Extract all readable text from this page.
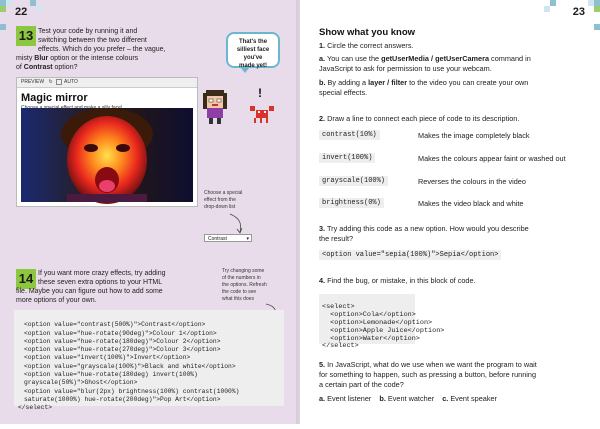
22
13 Test your code by running it and
switching between the two different
effects. Which do you prefer – the vague,
misty Blur option or the intense colours
of Contrast option?
That's the
silliest face you've
made yet!
!
PREVIEW ↻ AUTO
Magic mirror
Choose a special
effect from the
drop-down list
Contrast	▾
14 If you want more crazy effects, try adding
these seven extra options to your HTML
file. Maybe you can figure out how to add some
more options of your own.
Try changing some
of the numbers in
the options. Refresh
the code to see
what this does

<option value="contrast(500%)">Contrast</option>
<option value="hue-rotate(90deg)">Colour 1</option>
<option value="hue-rotate(180deg)">Colour 2</option>
<option value="hue-rotate(270deg)">Colour 3</option>
<option value="invert(100%)">Invert</option>
<option value="grayscale(100%)">Black and white</option>
<option value="hue-rotate(180deg) invert(100%)
grayscale(50%)">Ghost</option>
<option value="blur(2px) brightness(100%) contrast(1000%)
saturate(1000%) hue-rotate(200deg)">Pop Art</option>
</select>

23
Show what you know
1. Circle the correct answers.
a. You can use the getUserMedia / getUserCamera command in
JavaScript to ask for permission to use your webcam.
b. By adding a layer / filter to the video you can create your own
special effects.
2. Draw a line to connect each piece of code to its description.
contrast(10%)
invert(100%)
grayscale(100%)
brightness(0%)
Makes the image completely black
Makes the colours appear faint or washed out
Reverses the colours in the video
Makes the video black and white
3. Try adding this code as a new option. How would you describe
the result?
<option value="sepia(100%)">Sepia</option>
4. Find the bug, or mistake, in this block of code.

<select>
<option>Cola</option>
<option>Lemonade</option>
<option>Apple Juice</option>
<option>Water</option>
</select>

5. In JavaScript, what do we use when we want the program to wait
for something to happen, such as pressing a button, before running
a certain part of the code?
a. Event listener b. Event watcher c. Event speaker
